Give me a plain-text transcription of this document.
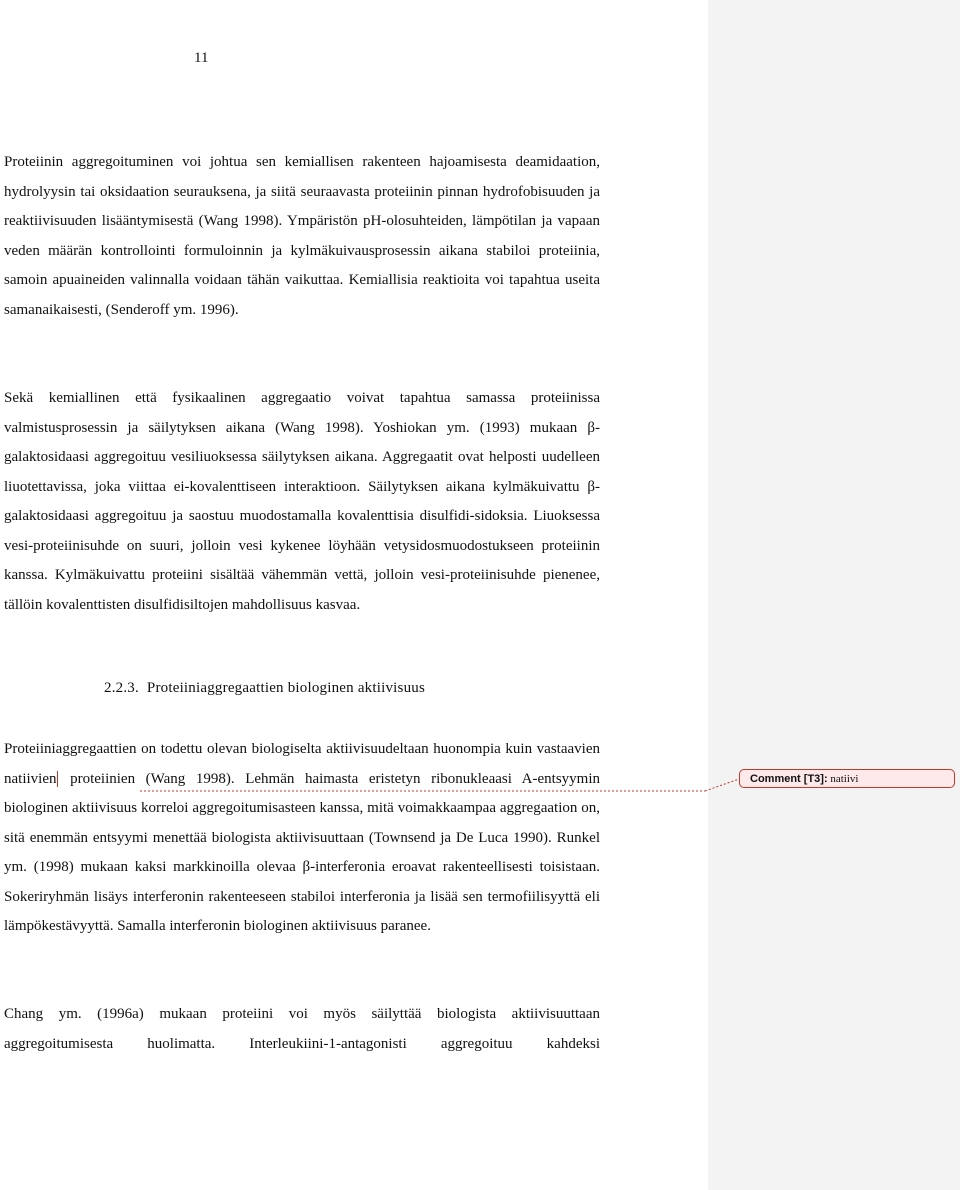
11

Proteiinin aggregoituminen voi johtua sen kemiallisen rakenteen hajoamisesta deamidaation, hydrolyysin tai oksidaation seurauksena, ja siitä seuraavasta proteiinin pinnan hydrofobisuuden ja reaktiivisuuden lisääntymisestä (Wang 1998). Ympäristön pH-olosuhteiden, lämpötilan ja vapaan veden määrän kontrollointi formuloinnin ja kylmäkuivausprosessin aikana stabiloi proteiinia, samoin apuaineiden valinnalla voidaan tähän vaikuttaa. Kemiallisia reaktioita voi tapahtua useita samanaikaisesti, (Senderoff ym. 1996).

Sekä kemiallinen että fysikaalinen aggregaatio voivat tapahtua samassa proteiinissa valmistusprosessin ja säilytyksen aikana (Wang 1998). Yoshiokan ym. (1993) mukaan β-galaktosidaasi aggregoituu vesiliuoksessa säilytyksen aikana. Aggregaatit ovat helposti uudelleen liuotettavissa, joka viittaa ei-kovalenttiseen interaktioon. Säilytyksen aikana kylmäkuivattu β-galaktosidaasi aggregoituu ja saostuu muodostamalla kovalenttisia disulfidi-sidoksia. Liuoksessa vesi-proteiinisuhde on suuri, jolloin vesi kykenee löyhään vetysidosmuodostukseen proteiinin kanssa. Kylmäkuivattu proteiini sisältää vähemmän vettä, jolloin vesi-proteiinisuhde pienenee, tällöin kovalenttisten disulfidisiltojen mahdollisuus kasvaa.

2.2.3. Proteiiniaggregaattien biologinen aktiivisuus

Proteiiniaggregaattien on todettu olevan biologiselta aktiivisuudeltaan huonompia kuin vastaavien natiivien proteiinien (Wang 1998). Lehmän haimasta eristetyn ribonukleaasi A-entsyymin biologinen aktiivisuus korreloi aggregoitumisasteen kanssa, mitä voimakkaampaa aggregaation on, sitä enemmän entsyymi menettää biologista aktiivisuuttaan (Townsend ja De Luca 1990). Runkel ym. (1998) mukaan kaksi markkinoilla olevaa β-interferonia eroavat rakenteellisesti toisistaan. Sokeriryhmän lisäys interferonin rakenteeseen stabiloi interferonia ja lisää sen termofiilisyyttä eli lämpökestävyyttä. Samalla interferonin biologinen aktiivisuus paranee.

Chang ym. (1996a) mukaan proteiini voi myös säilyttää biologista aktiivisuuttaan aggregoitumisesta huolimatta. Interleukiini-1-antagonisti aggregoituu kahdeksi

Comment [T3]: natiivi
